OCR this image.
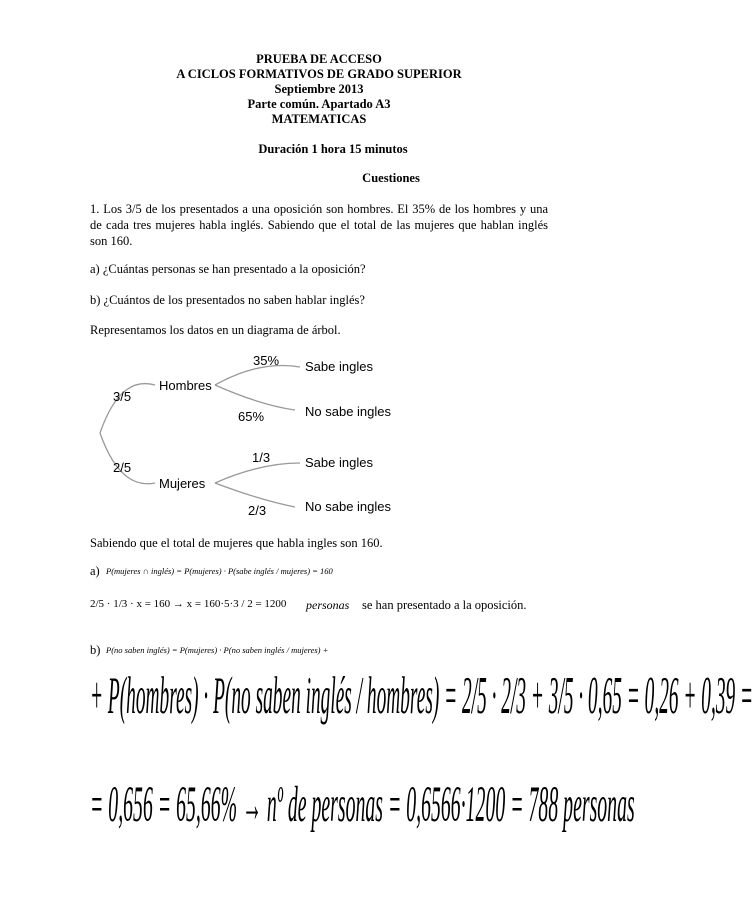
PRUEBA DE ACCESO
A CICLOS FORMATIVOS DE GRADO SUPERIOR
Septiembre 2013
Parte común. Apartado A3
MATEMATICAS
Duración 1 hora 15 minutos
Cuestiones
1. Los 3/5 de los presentados a una oposición son hombres. El 35% de los hombres y una de cada tres mujeres habla inglés. Sabiendo que el total de las mujeres que hablan inglés son 160.
a) ¿Cuántas personas se han presentado a la oposición?
b) ¿Cuántos de los presentados no saben hablar inglés?
Representamos los datos en un diagrama de árbol.
3/5
2/5
Hombres
Mujeres
35%
65%
1/3
2/3
Sabe ingles
No sabe ingles
Sabe ingles
No sabe ingles
Sabiendo que el total de mujeres que habla ingles son 160.
a) P(mujeres ∩ inglés) = P(mujeres) · P(sabe inglés / mujeres) = 160
2/5 · 1/3 · x = 160 → x = 160·5·3 / 2 = 1200 personas se han presentado a la oposición.
b) P(no saben inglés) = P(mujeres) · P(no saben inglés / mujeres) +
+ P(hombres) · P(no saben inglés / hombres) = 2/5 · 2/3 + 3/5 · 0,65 = 0,26 + 0,39 =
= 0,656 = 65,66% → nº de personas = 0,6566·1200 = 788 personas
